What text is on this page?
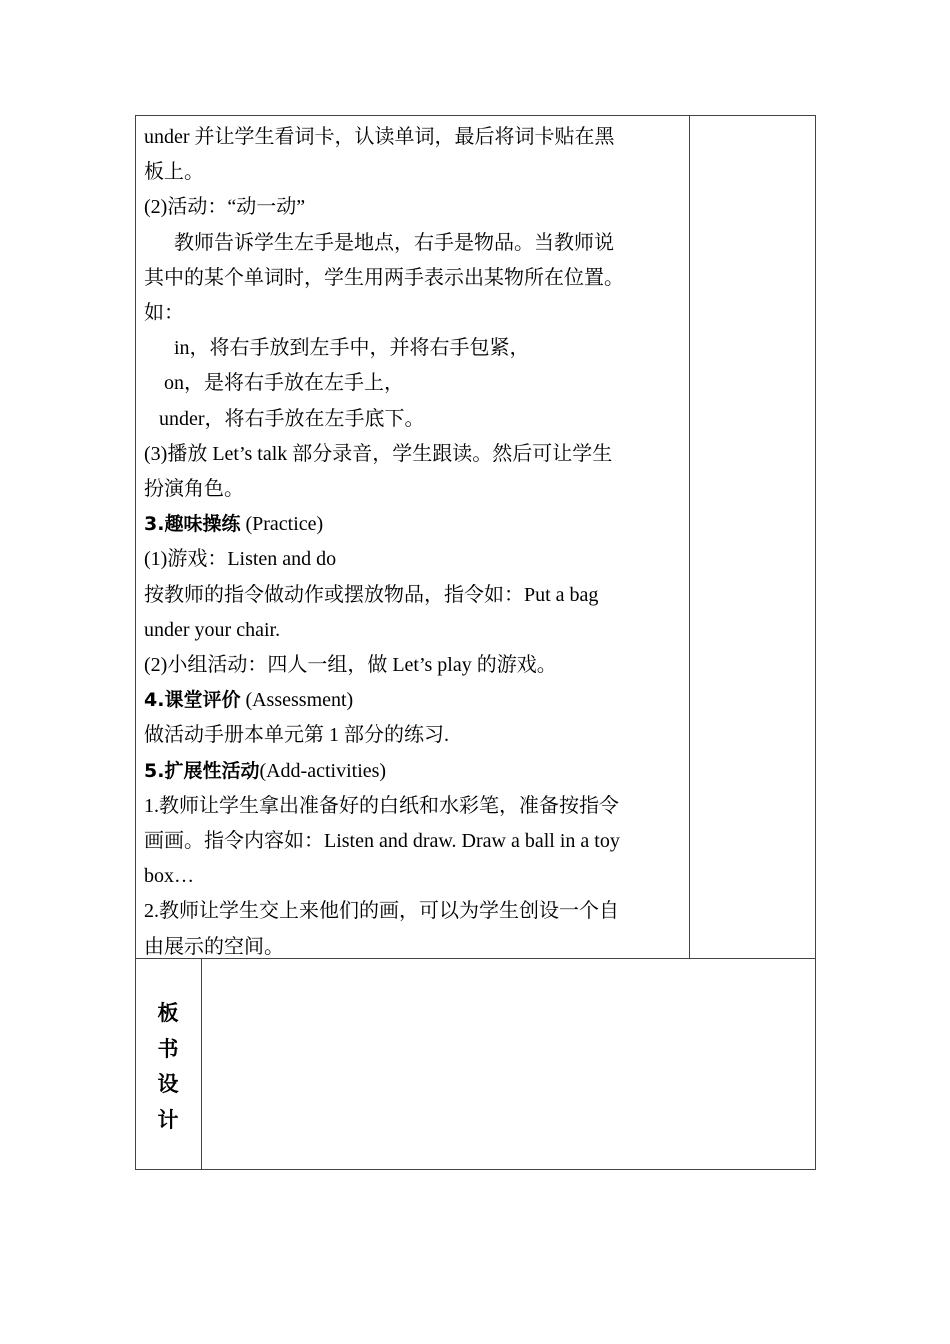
under 并让学生看词卡，认读单词，最后将词卡贴在黑

板上。

(2)活动：“动一动”

教师告诉学生左手是地点，右手是物品。当教师说

其中的某个单词时，学生用两手表示出某物所在位置。

如：

in，将右手放到左手中，并将右手包紧，

on，是将右手放在左手上，

under，将右手放在左手底下。

(3)播放 Let’s talk 部分录音，学生跟读。然后可让学生

扮演角色。

3.趣味操练 (Practice)

(1)游戏：Listen and do

按教师的指令做动作或摆放物品，指令如：Put a bag

under your chair.

(2)小组活动：四人一组，做 Let’s play 的游戏。

4.课堂评价 (Assessment)

做活动手册本单元第 1 部分的练习.

5.扩展性活动(Add-activities)

1.教师让学生拿出准备好的白纸和水彩笔，准备按指令

画画。指令内容如：Listen and draw. Draw a ball in a toy

box…

2.教师让学生交上来他们的画，可以为学生创设一个自

由展示的空间。

板
书
设
计
